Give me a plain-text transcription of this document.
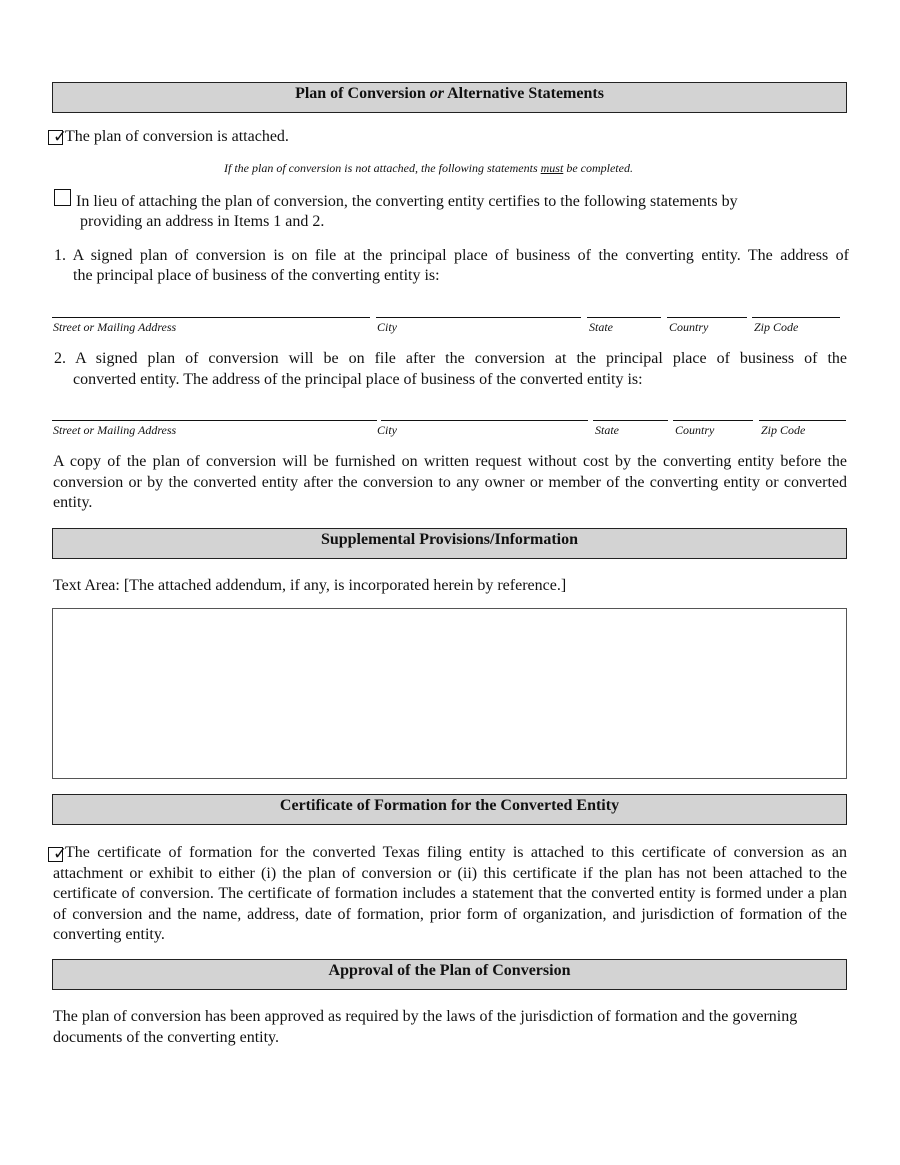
Plan of Conversion or Alternative Statements
✓
The plan of conversion is attached.
If the plan of conversion is not attached, the following statements must be completed.
In lieu of attaching the plan of conversion, the converting entity certifies to the following statements by
providing an address in Items 1 and 2.
1. A signed plan of conversion is on file at the principal place of business of the converting entity. The address of
the principal place of business of the converting entity is:
Street or Mailing Address	City	State	Country	Zip Code
2. A signed plan of conversion will be on file after the conversion at the principal place of business of the
converted entity. The address of the principal place of business of the converted entity is:
Street or Mailing Address	City	State	Country	Zip Code
A copy of the plan of conversion will be furnished on written request without cost by the converting entity before the conversion or by the converted entity after the conversion to any owner or member of the converting entity or converted entity.
Supplemental Provisions/Information
Text Area: [The attached addendum, if any, is incorporated herein by reference.]
Certificate of Formation for the Converted Entity
✓
The certificate of formation for the converted Texas filing entity is attached to this certificate of conversion as an attachment or exhibit to either (i) the plan of conversion or (ii) this certificate if the plan has not been attached to the certificate of conversion. The certificate of formation includes a statement that the converted entity is formed under a plan of conversion and the name, address, date of formation, prior form of organization, and jurisdiction of formation of the converting entity.
Approval of the Plan of Conversion
The plan of conversion has been approved as required by the laws of the jurisdiction of formation and the governing documents of the converting entity.
